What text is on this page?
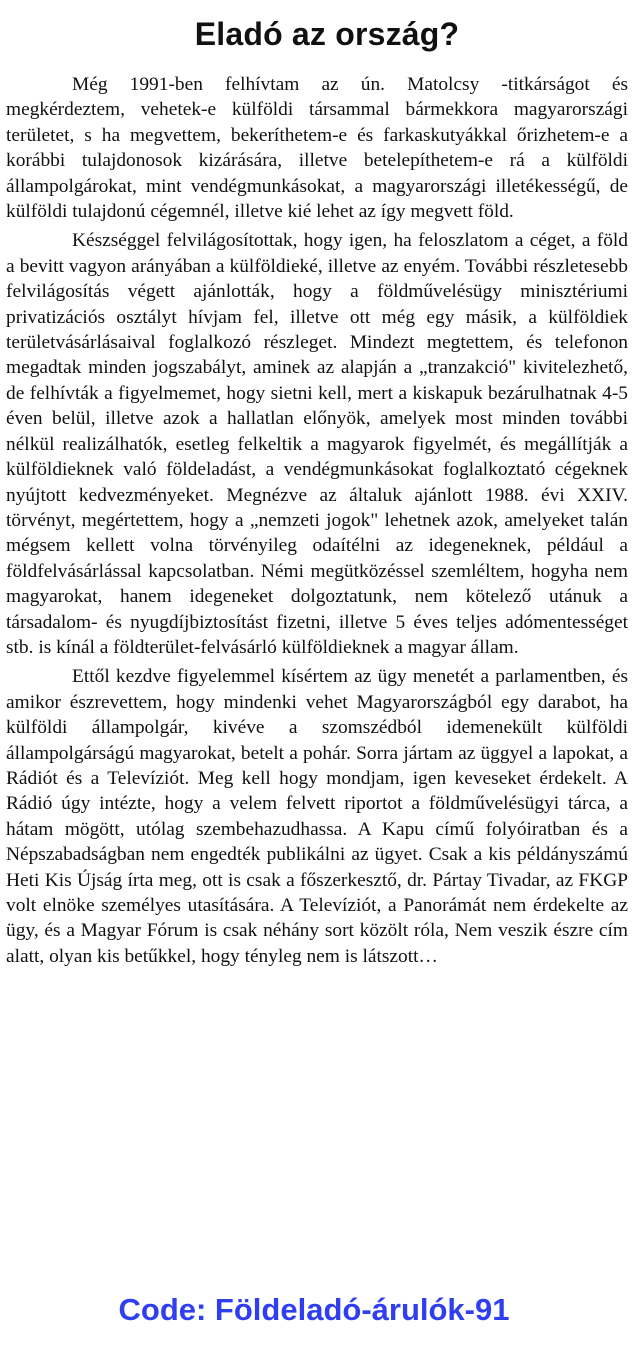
Eladó az ország?

Még 1991-ben felhívtam az ún. Matolcsy -titkárságot és megkérdeztem, vehetek-e külföldi társammal bármekkora magyarországi területet, s ha megvettem, bekeríthetem-e és farkaskutyákkal őrizhetem-e a korábbi tulajdonosok kizárására, illetve betelepíthetem-e rá a külföldi állampolgárokat, mint vendégmunkásokat, a magyarországi illetékességű, de külföldi tulajdonú cégemnél, illetve kié lehet az így megvett föld.

Készséggel felvilágosítottak, hogy igen, ha feloszlatom a céget, a föld a bevitt vagyon arányában a külföldieké, illetve az enyém. További részletesebb felvilágosítás végett ajánlották, hogy a földművelésügy minisztériumi privatizációs osztályt hívjam fel, illetve ott még egy másik, a külföldiek területvásárlásaival foglalkozó részleget. Mindezt megtettem, és telefonon megadtak minden jogszabályt, aminek az alapján a „tranzakció" kivitelezhető, de felhívták a figyelmemet, hogy sietni kell, mert a kiskapuk bezárulhatnak 4-5 éven belül, illetve azok a hallatlan előnyök, amelyek most minden további nélkül realizálhatók, esetleg felkeltik a magyarok figyelmét, és megállítják a külföldieknek való földeladást, a vendégmunkásokat foglalkoztató cégeknek nyújtott kedvezményeket. Megnézve az általuk ajánlott 1988. évi XXIV. törvényt, megértettem, hogy a „nemzeti jogok" lehetnek azok, amelyeket talán mégsem kellett volna törvényileg odaítélni az idegeneknek, például a földfelvásárlással kapcsolatban. Némi megütközéssel szemléltem, hogyha nem magyarokat, hanem idegeneket dolgoztatunk, nem kötelező utánuk a társadalom- és nyugdíjbiztosítást fizetni, illetve 5 éves teljes adómentességet stb. is kínál a földterület-felvásárló külföldieknek a magyar állam.

Ettől kezdve figyelemmel kísértem az ügy menetét a parlamentben, és amikor észrevettem, hogy mindenki vehet Magyarországból egy darabot, ha külföldi állampolgár, kivéve a szomszédból idemenekült külföldi állampolgárságú magyarokat, betelt a pohár. Sorra jártam az üggyel a lapokat, a Rádiót és a Televíziót. Meg kell hogy mondjam, igen keveseket érdekelt. A Rádió úgy intézte, hogy a velem felvett riportot a földművelésügyi tárca, a hátam mögött, utólag szembehazudhassa. A Kapu című folyóiratban és a Népszabadságban nem engedték publikálni az ügyet. Csak a kis példányszámú Heti Kis Újság írta meg, ott is csak a főszerkesztő, dr. Pártay Tivadar, az FKGP volt elnöke személyes utasítására. A Televíziót, a Panorámát nem érdekelte az ügy, és a Magyar Fórum is csak néhány sort közölt róla, Nem veszik észre cím alatt, olyan kis betűkkel, hogy tényleg nem is látszott…

Code: Földeladó-árulók-91
